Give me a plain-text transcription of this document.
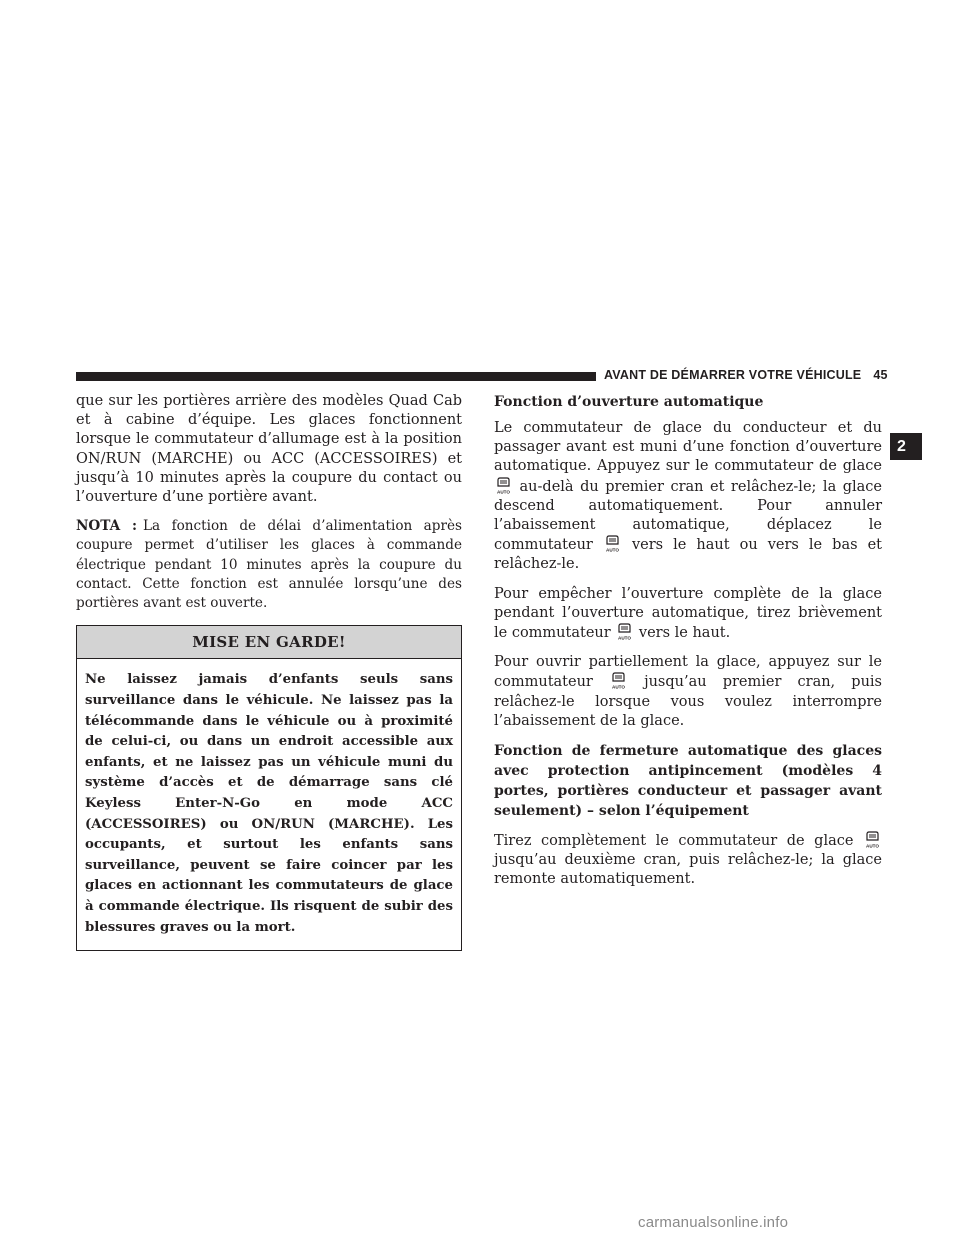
AVANT DE DÉMARRER VOTRE VÉHICULE 45
2

que sur les portières arrière des modèles Quad Cab et à cabine d’équipe. Les glaces fonctionnent lorsque le commutateur d’allumage est à la position ON/RUN (MARCHE) ou ACC (ACCESSOIRES) et jusqu’à 10 minutes après la coupure du contact ou l’ouverture d’une portière avant.

NOTA : La fonction de délai d’alimentation après coupure permet d’utiliser les glaces à commande électrique pendant 10 minutes après la coupure du contact. Cette fonction est annulée lorsqu’une des portières avant est ouverte.

MISE EN GARDE!
Ne laissez jamais d’enfants seuls sans surveillance dans le véhicule. Ne laissez pas la télécommande dans le véhicule ou à proximité de celui-ci, ou dans un endroit accessible aux enfants, et ne laissez pas un véhicule muni du système d’accès et de démarrage sans clé Keyless Enter-N-Go en mode ACC (ACCESSOIRES) ou ON/RUN (MARCHE). Les occupants, et surtout les enfants sans surveillance, peuvent se faire coincer par les glaces en actionnant les commutateurs de glace à commande électrique. Ils risquent de subir des blessures graves ou la mort.
Fonction d’ouverture automatique

Le commutateur de glace du conducteur et du passager avant est muni d’une fonction d’ouverture automatique. Appuyez sur le commutateur de glace
AUTO au-delà du premier cran et relâchez-le; la glace descend automatiquement. Pour annuler l’abaissement automatique, déplacez le commutateur	AUTO vers le haut ou vers le bas et relâchez-le.

Pour empêcher l’ouverture complète de la glace pendant l’ouverture automatique, tirez brièvement le commutateur AUTO vers le haut.

Pour ouvrir partiellement la glace, appuyez sur le commutateur	AUTO jusqu’au premier cran, puis relâchez-le lorsque vous voulez interrompre l’abaissement de la glace.

Fonction de fermeture automatique des glaces avec protection antipincement (modèles 4 portes, portières conducteur et passager avant seulement) – selon l’équipement

Tirez complètement le commutateur de glace	AUTO
jusqu’au deuxième cran, puis relâchez-le; la glace remonte automatiquement.

carmanualsonline.info
